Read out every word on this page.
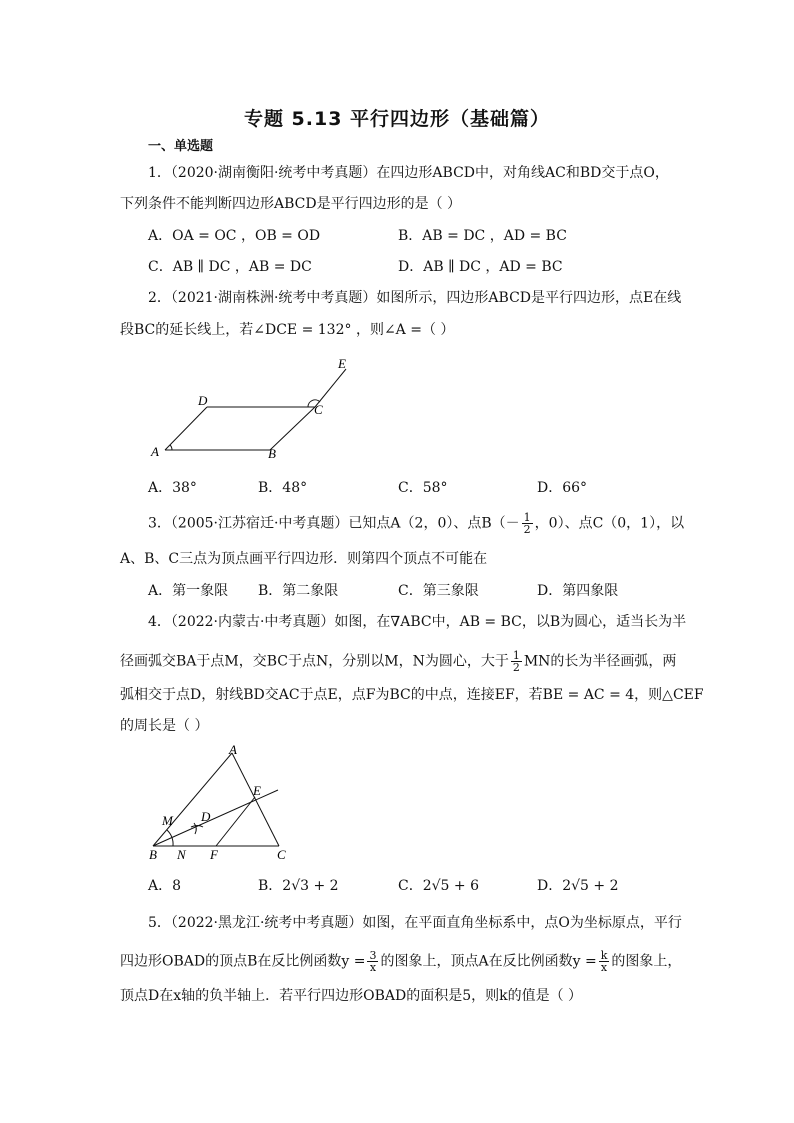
专题 5.13 平行四边形（基础篇）
一、单选题
1．（2020·湖南衡阳·统考中考真题）在四边形ABCD中，对角线AC和BD交于点O，
下列条件不能判断四边形ABCD是平行四边形的是（ ）
A．OA = OC ，OB = OD	B．AB = DC ，AD = BC
C．AB ∥ DC ，AB = DC	D．AB ∥ DC ，AD = BC
2．（2021·湖南株洲·统考中考真题）如图所示，四边形ABCD是平行四边形，点E在线
段BC的延长线上，若∠DCE = 132° ，则∠A =（ ）
A	B
C
D
E
A．38°	B．48°	C．58°	D．66°
3．（2005·江苏宿迁·中考真题）已知点A（2，0）、点$B(- \frac{1}{2}$ ，0）、点C（0，1），以
A、B、C三点为顶点画平行四边形．则第四个顶点不可能在
A．第一象限 B．第二象限	C．第三象限	D．第四象限
4．（2022·内蒙古·中考真题）如图，在∇ABC中，AB = BC，以B为圆心，适当长为半
径画弧交BA于点M，交BC于点N，分别以M，N为圆心，大于 $\frac{1}{2}$ MN的长为半径画弧，两
弧相交于点D，射线BD交AC于点E，点F为BC的中点，连接EF，若BE = AC = 4，则△CEF
的周长是（ ）
A
M D
E
B N F	C
A．8	B．2√3 + 2	C．2√5 + 6	D．2√5 + 2
5．（2022·黑龙江·统考中考真题）如图，在平面直角坐标系中，点O为坐标原点，平行
四边形OBAD的顶点B在反比例函数$y = \frac{3}{x}$ 的图象上，顶点A在反比例函数$y = \frac{k}{x}$ 的图象上，
顶点D在x轴的负半轴上．若平行四边形OBAD的面积是5，则k的值是（ ）
